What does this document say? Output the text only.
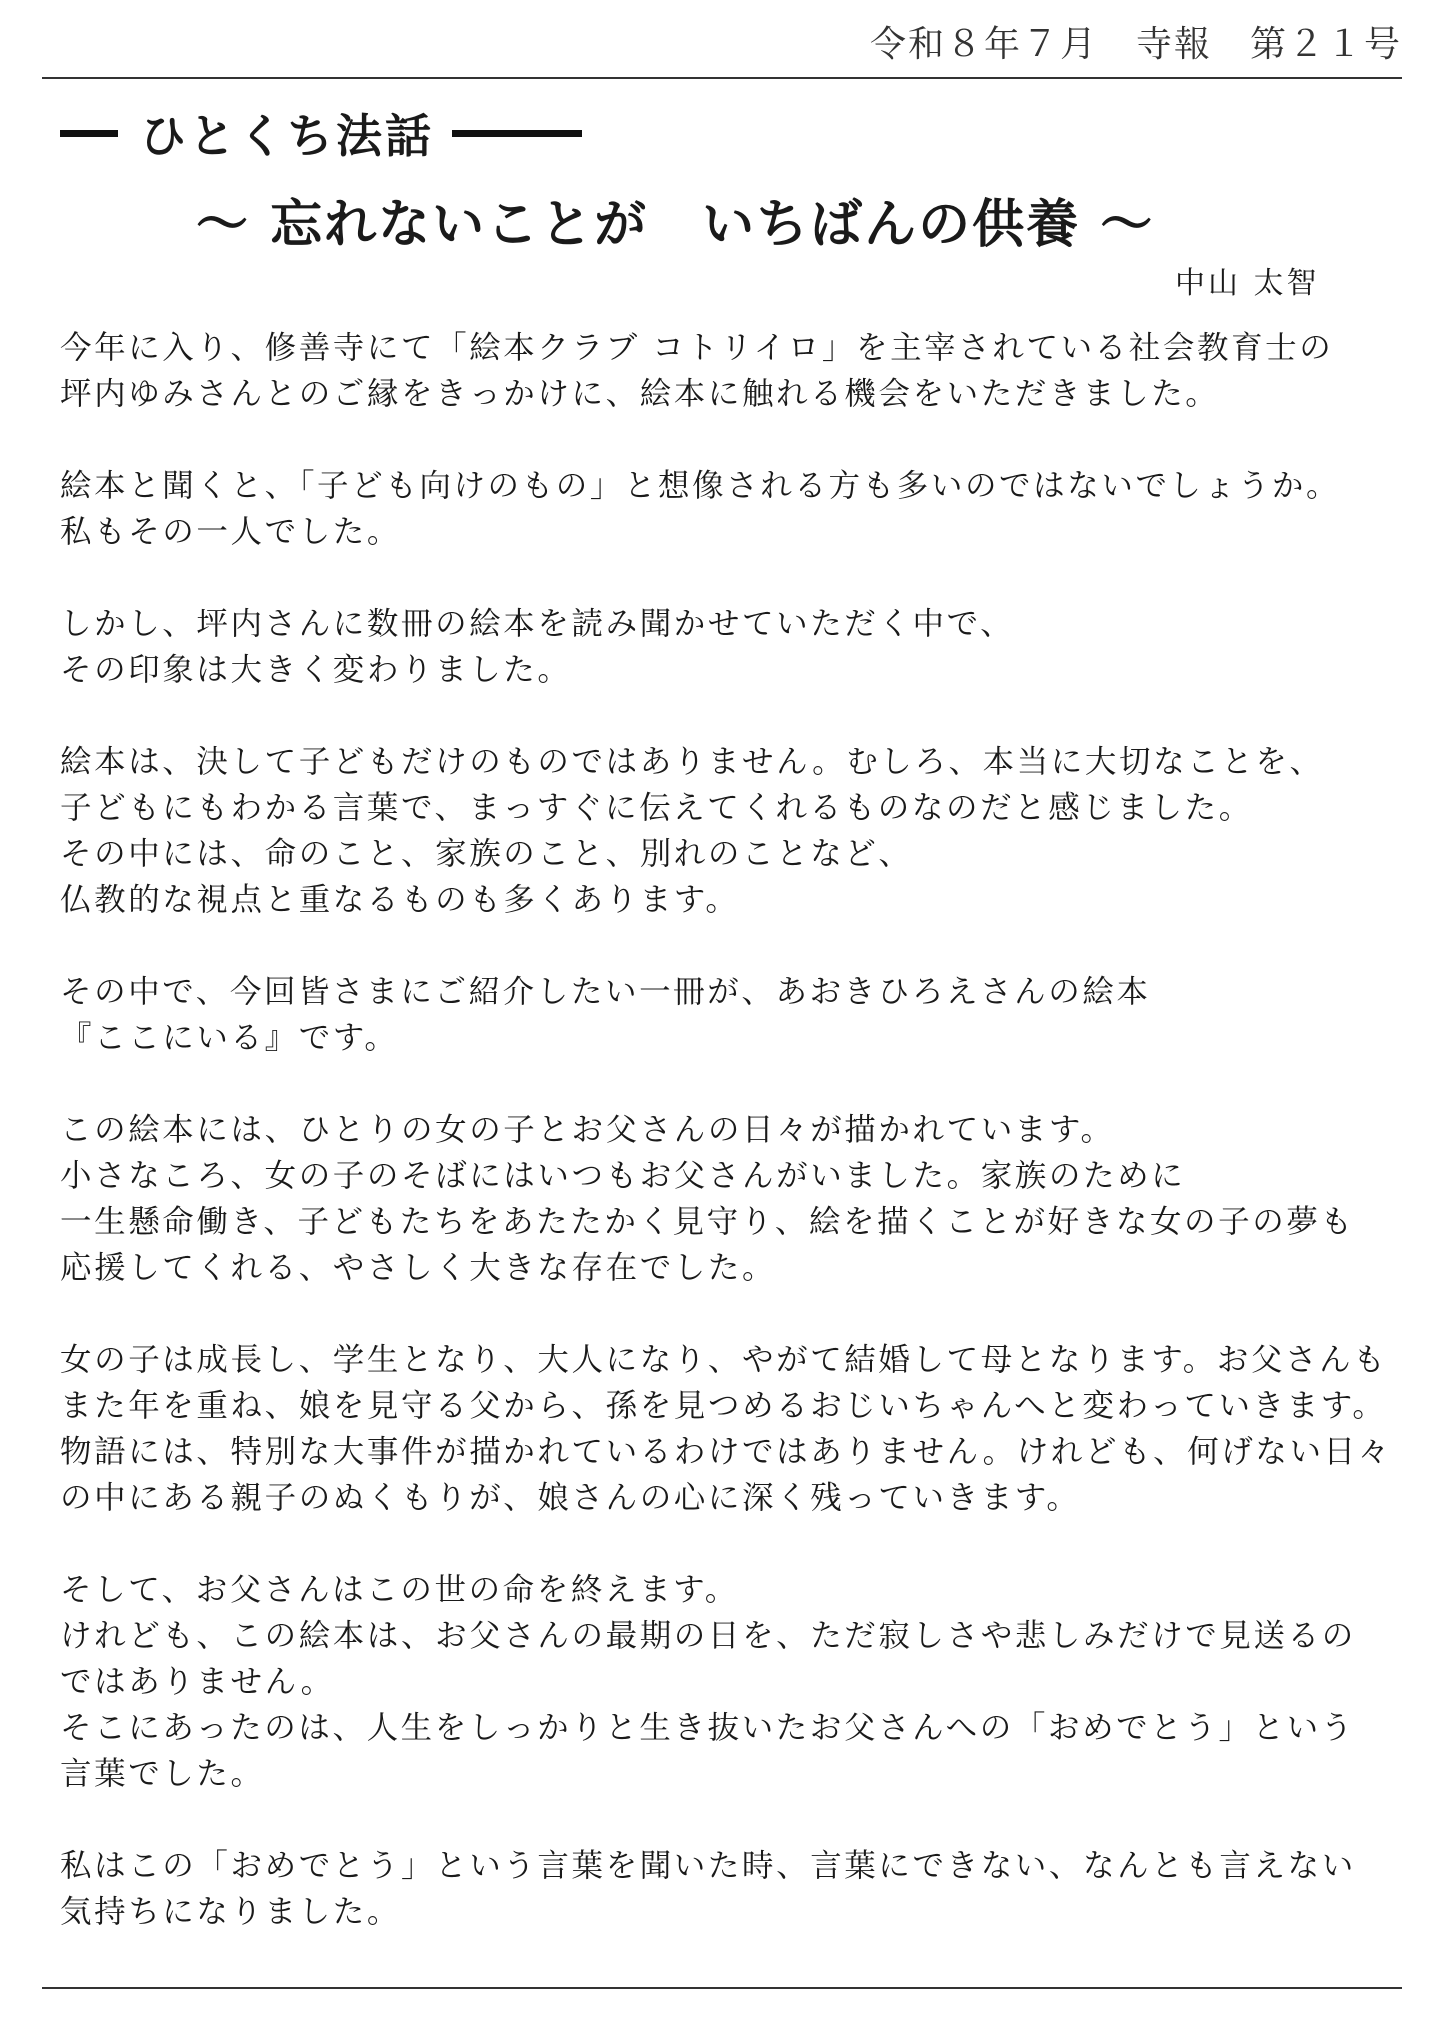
令和８年７月　寺報　第２１号
ひとくち法話
～ 忘れないことが　いちばんの供養 ～
中山 太智
今年に入り、修善寺にて「絵本クラブ コトリイロ」を主宰されている社会教育士の
坪内ゆみさんとのご縁をきっかけに、絵本に触れる機会をいただきました。
絵本と聞くと、「子ども向けのもの」と想像される方も多いのではないでしょうか。
私もその一人でした。
しかし、坪内さんに数冊の絵本を読み聞かせていただく中で、
その印象は大きく変わりました。
絵本は、決して子どもだけのものではありません。むしろ、本当に大切なことを、
子どもにもわかる言葉で、まっすぐに伝えてくれるものなのだと感じました。
その中には、命のこと、家族のこと、別れのことなど、
仏教的な視点と重なるものも多くあります。
その中で、今回皆さまにご紹介したい一冊が、あおきひろえさんの絵本
『ここにいる』です。
この絵本には、ひとりの女の子とお父さんの日々が描かれています。
小さなころ、女の子のそばにはいつもお父さんがいました。家族のために
一生懸命働き、子どもたちをあたたかく見守り、絵を描くことが好きな女の子の夢も
応援してくれる、やさしく大きな存在でした。
女の子は成長し、学生となり、大人になり、やがて結婚して母となります。お父さんも
また年を重ね、娘を見守る父から、孫を見つめるおじいちゃんへと変わっていきます。
物語には、特別な大事件が描かれているわけではありません。けれども、何げない日々
の中にある親子のぬくもりが、娘さんの心に深く残っていきます。
そして、お父さんはこの世の命を終えます。
けれども、この絵本は、お父さんの最期の日を、ただ寂しさや悲しみだけで見送るの
ではありません。
そこにあったのは、人生をしっかりと生き抜いたお父さんへの「おめでとう」という
言葉でした。
私はこの「おめでとう」という言葉を聞いた時、言葉にできない、なんとも言えない
気持ちになりました。
